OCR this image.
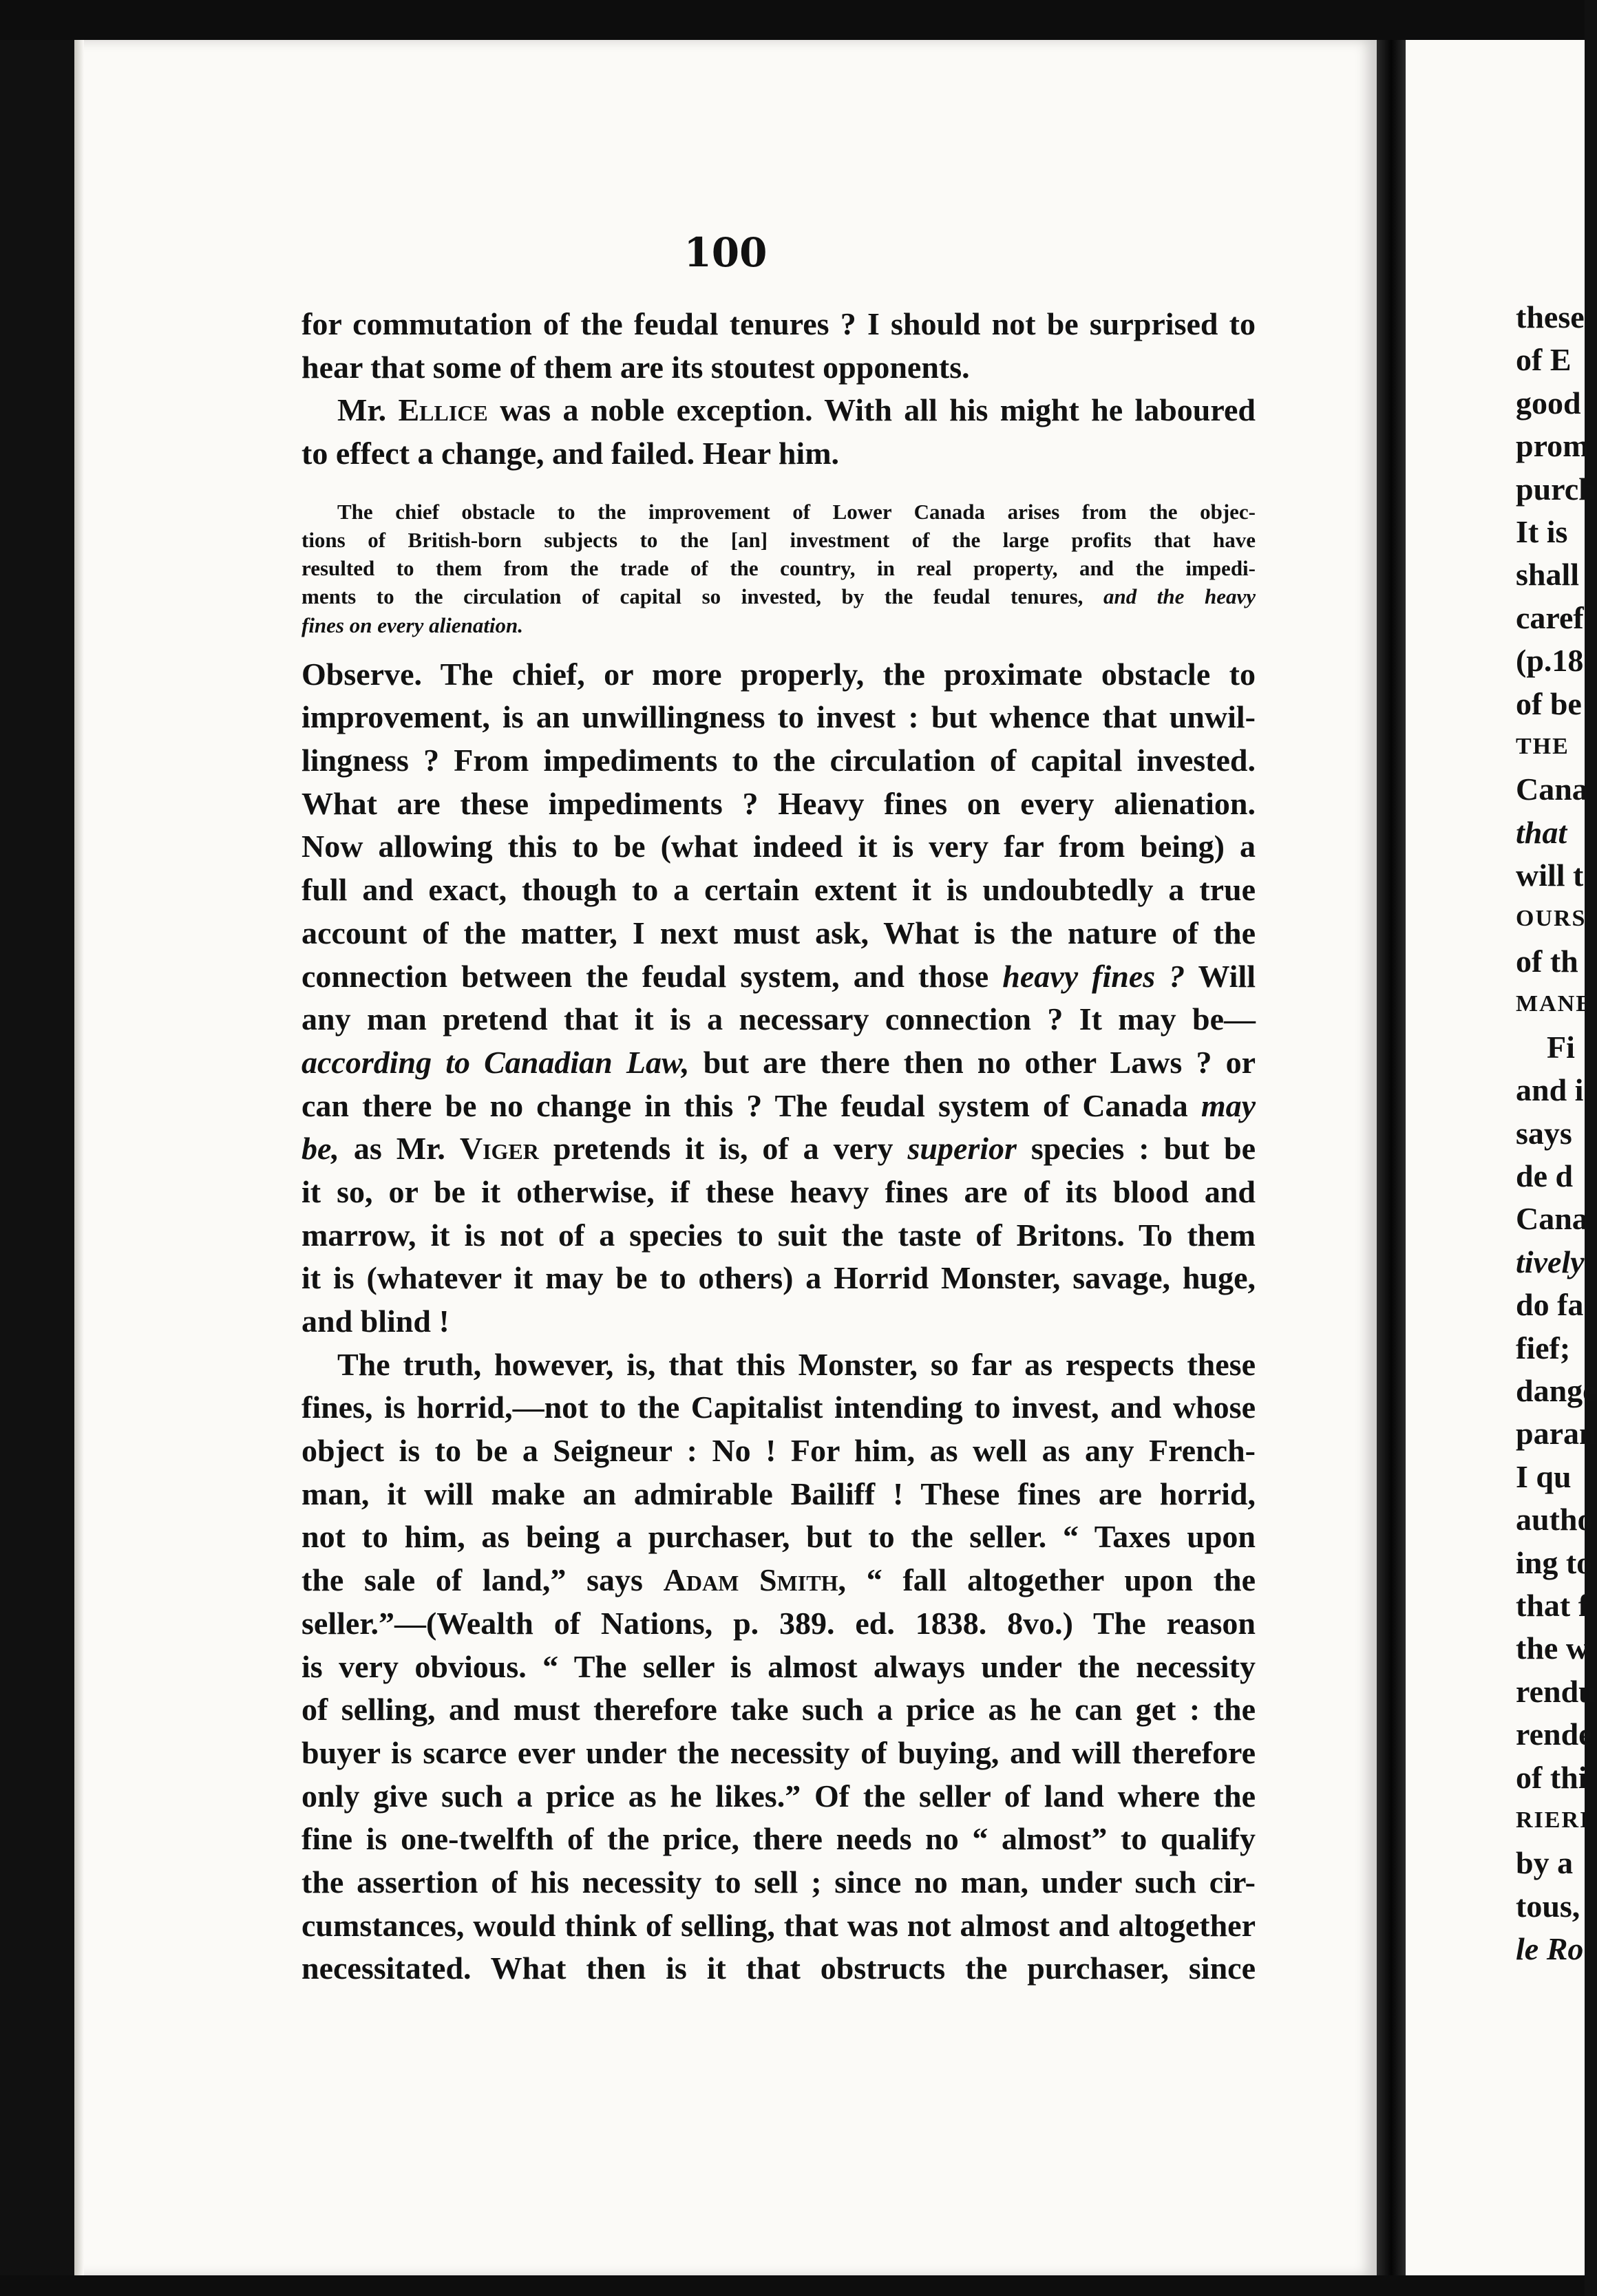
100
for commutation of the feudal tenures ? I should not be surprised to
hear that some of them are its stoutest opponents.
Mr. Ellice was a noble exception. With all his might he laboured
to effect a change, and failed. Hear him.
The chief obstacle to the improvement of Lower Canada arises from the objec-
tions of British-born subjects to the [an] investment of the large profits that have
resulted to them from the trade of the country, in real property, and the impedi-
ments to the circulation of capital so invested, by the feudal tenures, and the heavy
fines on every alienation.
Observe. The chief, or more properly, the proximate obstacle to
improvement, is an unwillingness to invest : but whence that unwil-
lingness ? From impediments to the circulation of capital invested.
What are these impediments ? Heavy fines on every alienation.
Now allowing this to be (what indeed it is very far from being) a
full and exact, though to a certain extent it is undoubtedly a true
account of the matter, I next must ask, What is the nature of the
connection between the feudal system, and those heavy fines ? Will
any man pretend that it is a necessary connection ? It may be—
according to Canadian Law, but are there then no other Laws ? or
can there be no change in this ? The feudal system of Canada may
be, as Mr. Viger pretends it is, of a very superior species : but be
it so, or be it otherwise, if these heavy fines are of its blood and
marrow, it is not of a species to suit the taste of Britons. To them
it is (whatever it may be to others) a Horrid Monster, savage, huge,
and blind !
The truth, however, is, that this Monster, so far as respects these
fines, is horrid,—not to the Capitalist intending to invest, and whose
object is to be a Seigneur : No ! For him, as well as any French-
man, it will make an admirable Bailiff ! These fines are horrid,
not to him, as being a purchaser, but to the seller. “ Taxes upon
the sale of land,” says Adam Smith, “ fall altogether upon the
seller.”—(Wealth of Nations, p. 389. ed. 1838. 8vo.) The reason
is very obvious. “ The seller is almost always under the necessity
of selling, and must therefore take such a price as he can get : the
buyer is scarce ever under the necessity of buying, and will therefore
only give such a price as he likes.” Of the seller of land where the
fine is one-twelfth of the price, there needs no “ almost” to qualify
the assertion of his necessity to sell ; since no man, under such cir-
cumstances, would think of selling, that was not almost and altogether
necessitated. What then is it that obstructs the purchaser, since
these
of E
good
prom
purch
It is
shall
caref
(p.18
of be
THE
Cana
that
will t
OURS
of th
MANE
Fi
and i
says
de d
Cana
tively
do fa
fief;
dange
paran
I qu
autho
ing to
that f
the w
rendu
rende
of thi
RIERI
by a
tous,
le Ro
